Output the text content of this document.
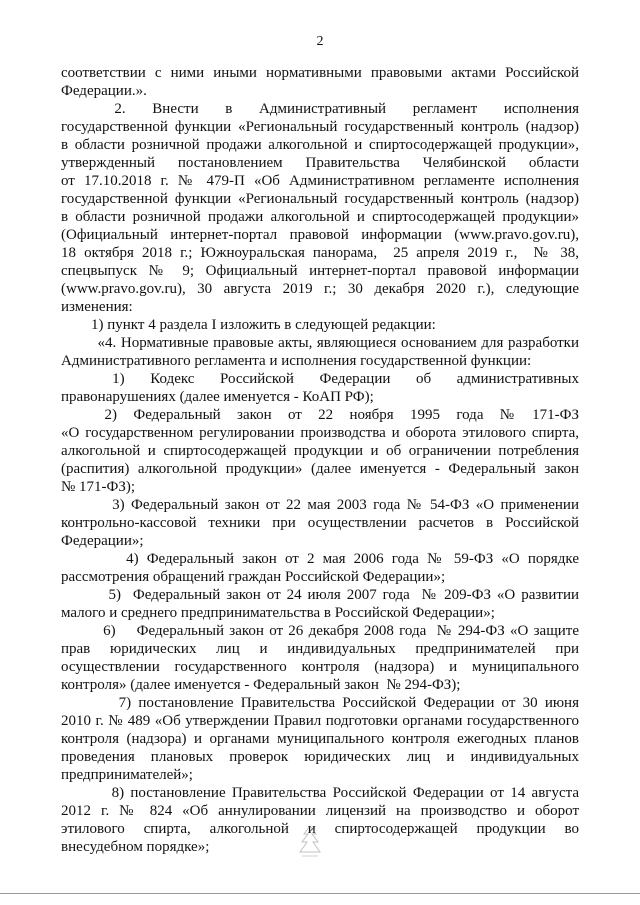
2
соответствии с ними иными нормативными правовыми актами Российской
Федерации.».
2.    Внести    в    Административный    регламент    исполнения
государственной функции «Региональный государственный контроль (надзор)
в области розничной продажи алкогольной и спиртосодержащей продукции»,
утвержденный   постановлением   Правительства   Челябинской   области
от 17.10.2018 г. № 479-П «Об Административном регламенте исполнения
государственной функции «Региональный государственный контроль (надзор)
в области розничной продажи алкогольной и спиртосодержащей продукции»
(Официальный интернет-портал правовой информации (www.pravo.gov.ru),
18 октября 2018 г.; Южноуральская панорама,  25 апреля 2019 г.,  № 38,
спецвыпуск № 9; Официальный интернет-портал правовой информации
(www.pravo.gov.ru), 30 августа 2019 г.; 30 декабря 2020 г.), следующие
изменения:
1) пункт 4 раздела I изложить в следующей редакции:
«4. Нормативные правовые акты, являющиеся основанием для разработки
Административного регламента и исполнения государственной функции:
1)    Кодекс    Российской    Федерации    об    административных
правонарушениях (далее именуется - КоАП РФ);
2)   Федеральный   закон   от   22   ноября   1995   года   №   171-ФЗ
«О государственном регулировании производства и оборота этилового спирта,
алкогольной и спиртосодержащей продукции и об ограничении потребления
(распития) алкогольной продукции» (далее именуется - Федеральный закон
№ 171-ФЗ);
3) Федеральный закон от 22 мая 2003 года № 54-ФЗ «О применении
контрольно-кассовой техники при осуществлении расчетов в Российской
Федерации»;
4) Федеральный закон от 2 мая 2006 года № 59-ФЗ «О порядке
рассмотрения обращений граждан Российской Федерации»;
5)  Федеральный закон от 24 июля 2007 года  № 209-ФЗ «О развитии
малого и среднего предпринимательства в Российской Федерации»;
6)    Федеральный закон от 26 декабря 2008 года  № 294-ФЗ «О защите
прав   юридических   лиц   и   индивидуальных   предпринимателей   при
осуществлении государственного контроля (надзора) и муниципального
контроля» (далее именуется - Федеральный закон  № 294-ФЗ);
7) постановление Правительства Российской Федерации от 30 июня
2010 г. № 489 «Об утверждении Правил подготовки органами государственного
контроля (надзора) и органами муниципального контроля ежегодных планов
проведения   плановых   проверок   юридических   лиц   и   индивидуальных
предпринимателей»;
8) постановление Правительства Российской Федерации от 14 августа
2012 г. № 824 «Об аннулировании лицензий на производство и оборот
этилового   спирта,   алкогольной   и   спиртосодержащей   продукции   во
внесудебном порядке»;
